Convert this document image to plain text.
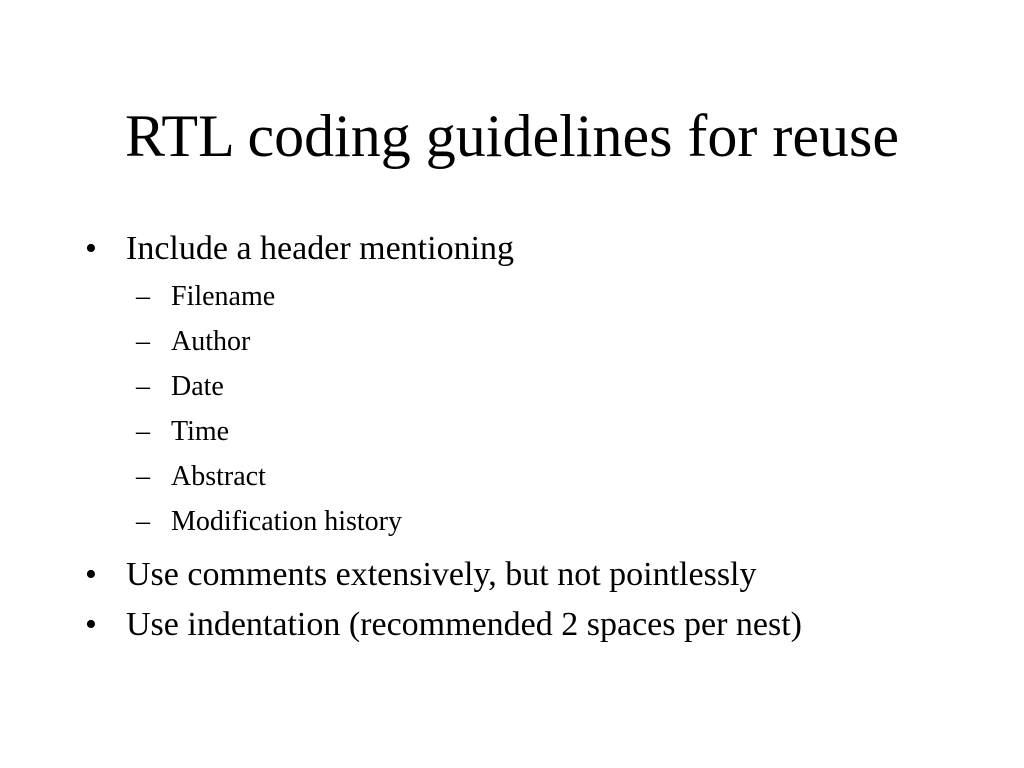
RTL coding guidelines for reuse
• Include a header mentioning
– Filename
– Author
– Date
– Time
– Abstract
– Modification history
• Use comments extensively, but not pointlessly
• Use indentation (recommended 2 spaces per nest)
